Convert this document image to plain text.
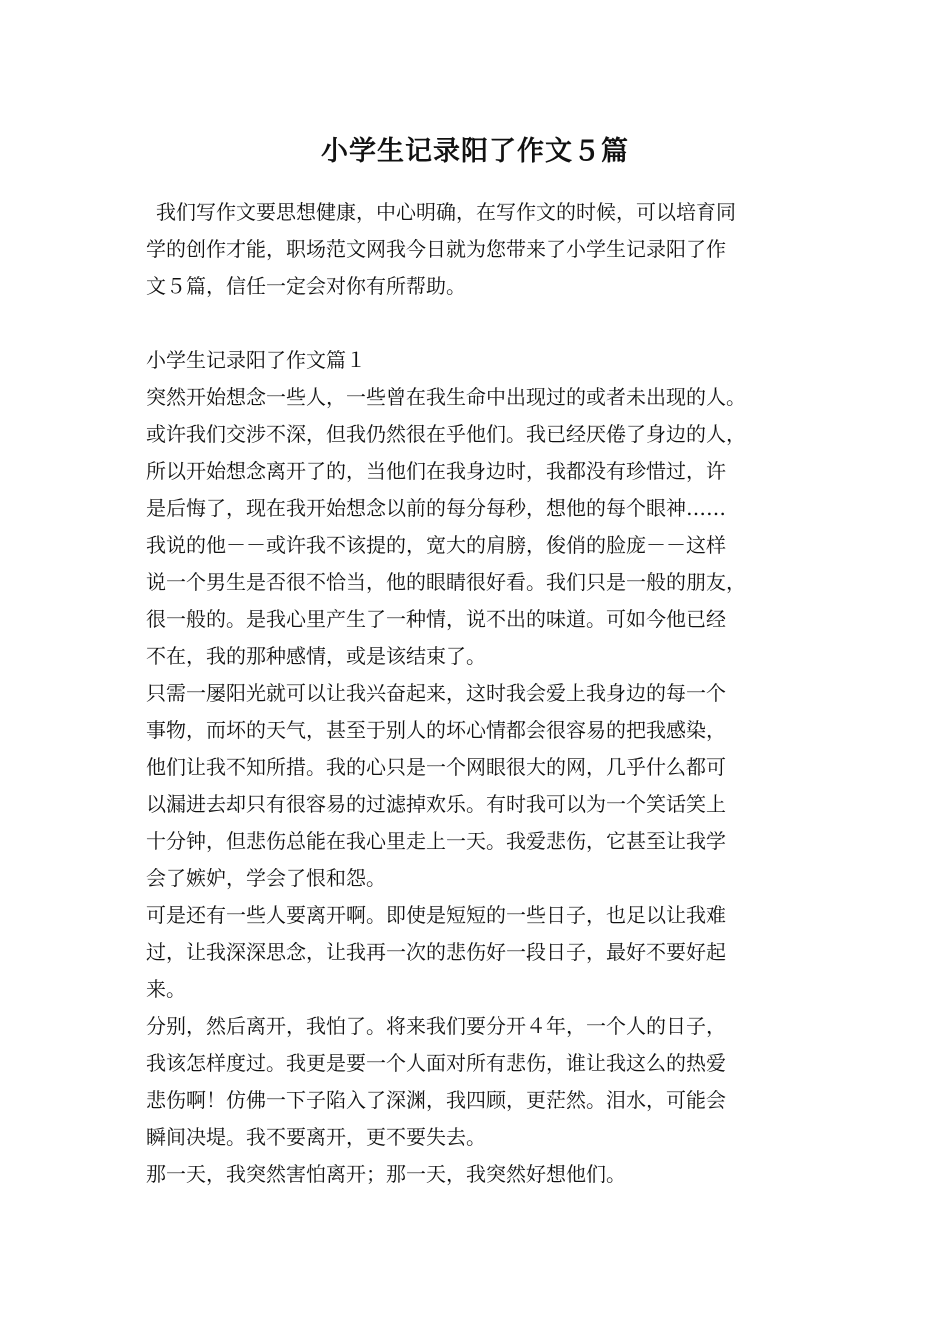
小学生记录阳了作文５篇
我们写作文要思想健康，中心明确，在写作文的时候，可以培育同
学的创作才能，职场范文网我今日就为您带来了小学生记录阳了作
文５篇，信任一定会对你有所帮助。
小学生记录阳了作文篇１
突然开始想念一些人，一些曾在我生命中出现过的或者未出现的人。
或许我们交涉不深，但我仍然很在乎他们。我已经厌倦了身边的人，
所以开始想念离开了的，当他们在我身边时，我都没有珍惜过，许
是后悔了，现在我开始想念以前的每分每秒，想他的每个眼神……
我说的他－－或许我不该提的，宽大的肩膀，俊俏的脸庞－－这样
说一个男生是否很不恰当，他的眼睛很好看。我们只是一般的朋友，
很一般的。是我心里产生了一种情，说不出的味道。可如今他已经
不在，我的那种感情，或是该结束了。
只需一屡阳光就可以让我兴奋起来，这时我会爱上我身边的每一个
事物，而坏的天气，甚至于别人的坏心情都会很容易的把我感染，
他们让我不知所措。我的心只是一个网眼很大的网，几乎什么都可
以漏进去却只有很容易的过滤掉欢乐。有时我可以为一个笑话笑上
十分钟，但悲伤总能在我心里走上一天。我爱悲伤，它甚至让我学
会了嫉妒，学会了恨和怨。
可是还有一些人要离开啊。即使是短短的一些日子，也足以让我难
过，让我深深思念，让我再一次的悲伤好一段日子，最好不要好起
来。
分别，然后离开，我怕了。将来我们要分开４年，一个人的日子，
我该怎样度过。我更是要一个人面对所有悲伤，谁让我这么的热爱
悲伤啊！仿佛一下子陷入了深渊，我四顾，更茫然。泪水，可能会
瞬间决堤。我不要离开，更不要失去。
那一天，我突然害怕离开；那一天，我突然好想他们。
